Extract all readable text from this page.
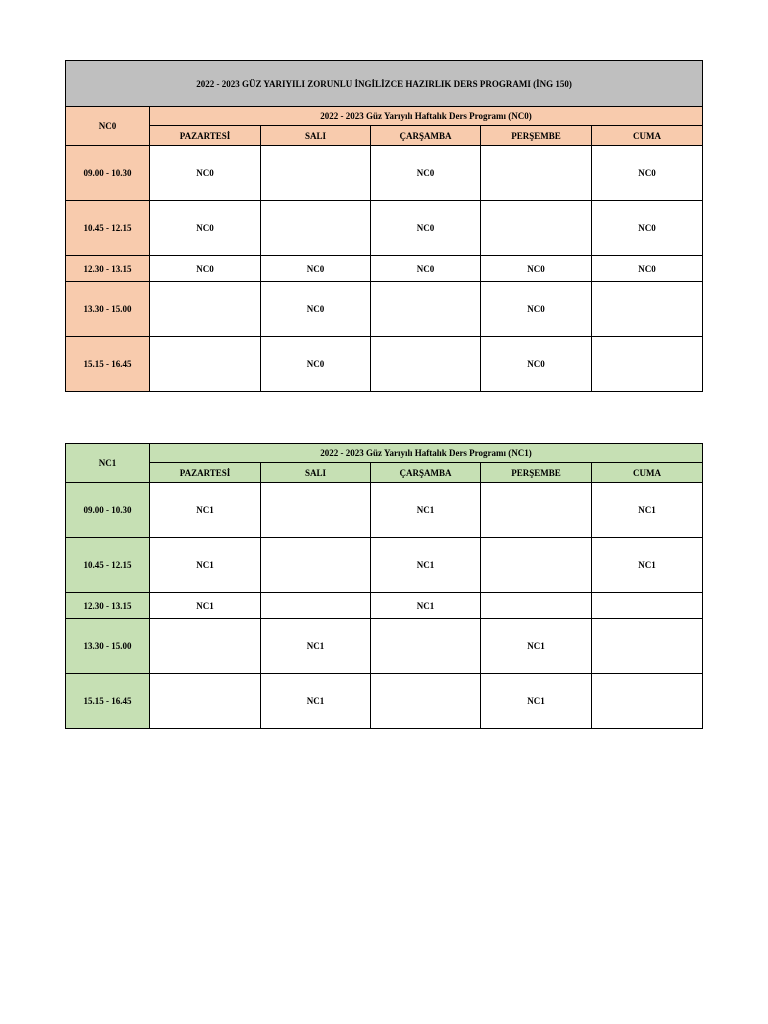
2022 - 2023 GÜZ YARIYILI ZORUNLU İNGİLİZCE HAZIRLIK DERS PROGRAMI (İNG 150)					
NC0	2022 - 2023 Güz Yarıyılı Haftalık Ders Programı (NC0)				
	PAZARTESİ	SALI	ÇARŞAMBA	PERŞEMBE	CUMA
09.00 - 10.30	NC0		NC0		NC0
10.45 - 12.15	NC0		NC0		NC0
12.30 - 13.15	NC0	NC0	NC0	NC0	NC0
13.30 - 15.00		NC0		NC0	
15.15 - 16.45		NC0		NC0	
NC1	2022 - 2023 Güz Yarıyılı Haftalık Ders Programı (NC1)				
	PAZARTESİ	SALI	ÇARŞAMBA	PERŞEMBE	CUMA
09.00 - 10.30	NC1		NC1		NC1
10.45 - 12.15	NC1		NC1		NC1
12.30 - 13.15	NC1		NC1		
13.30 - 15.00		NC1		NC1	
15.15 - 16.45		NC1		NC1	
